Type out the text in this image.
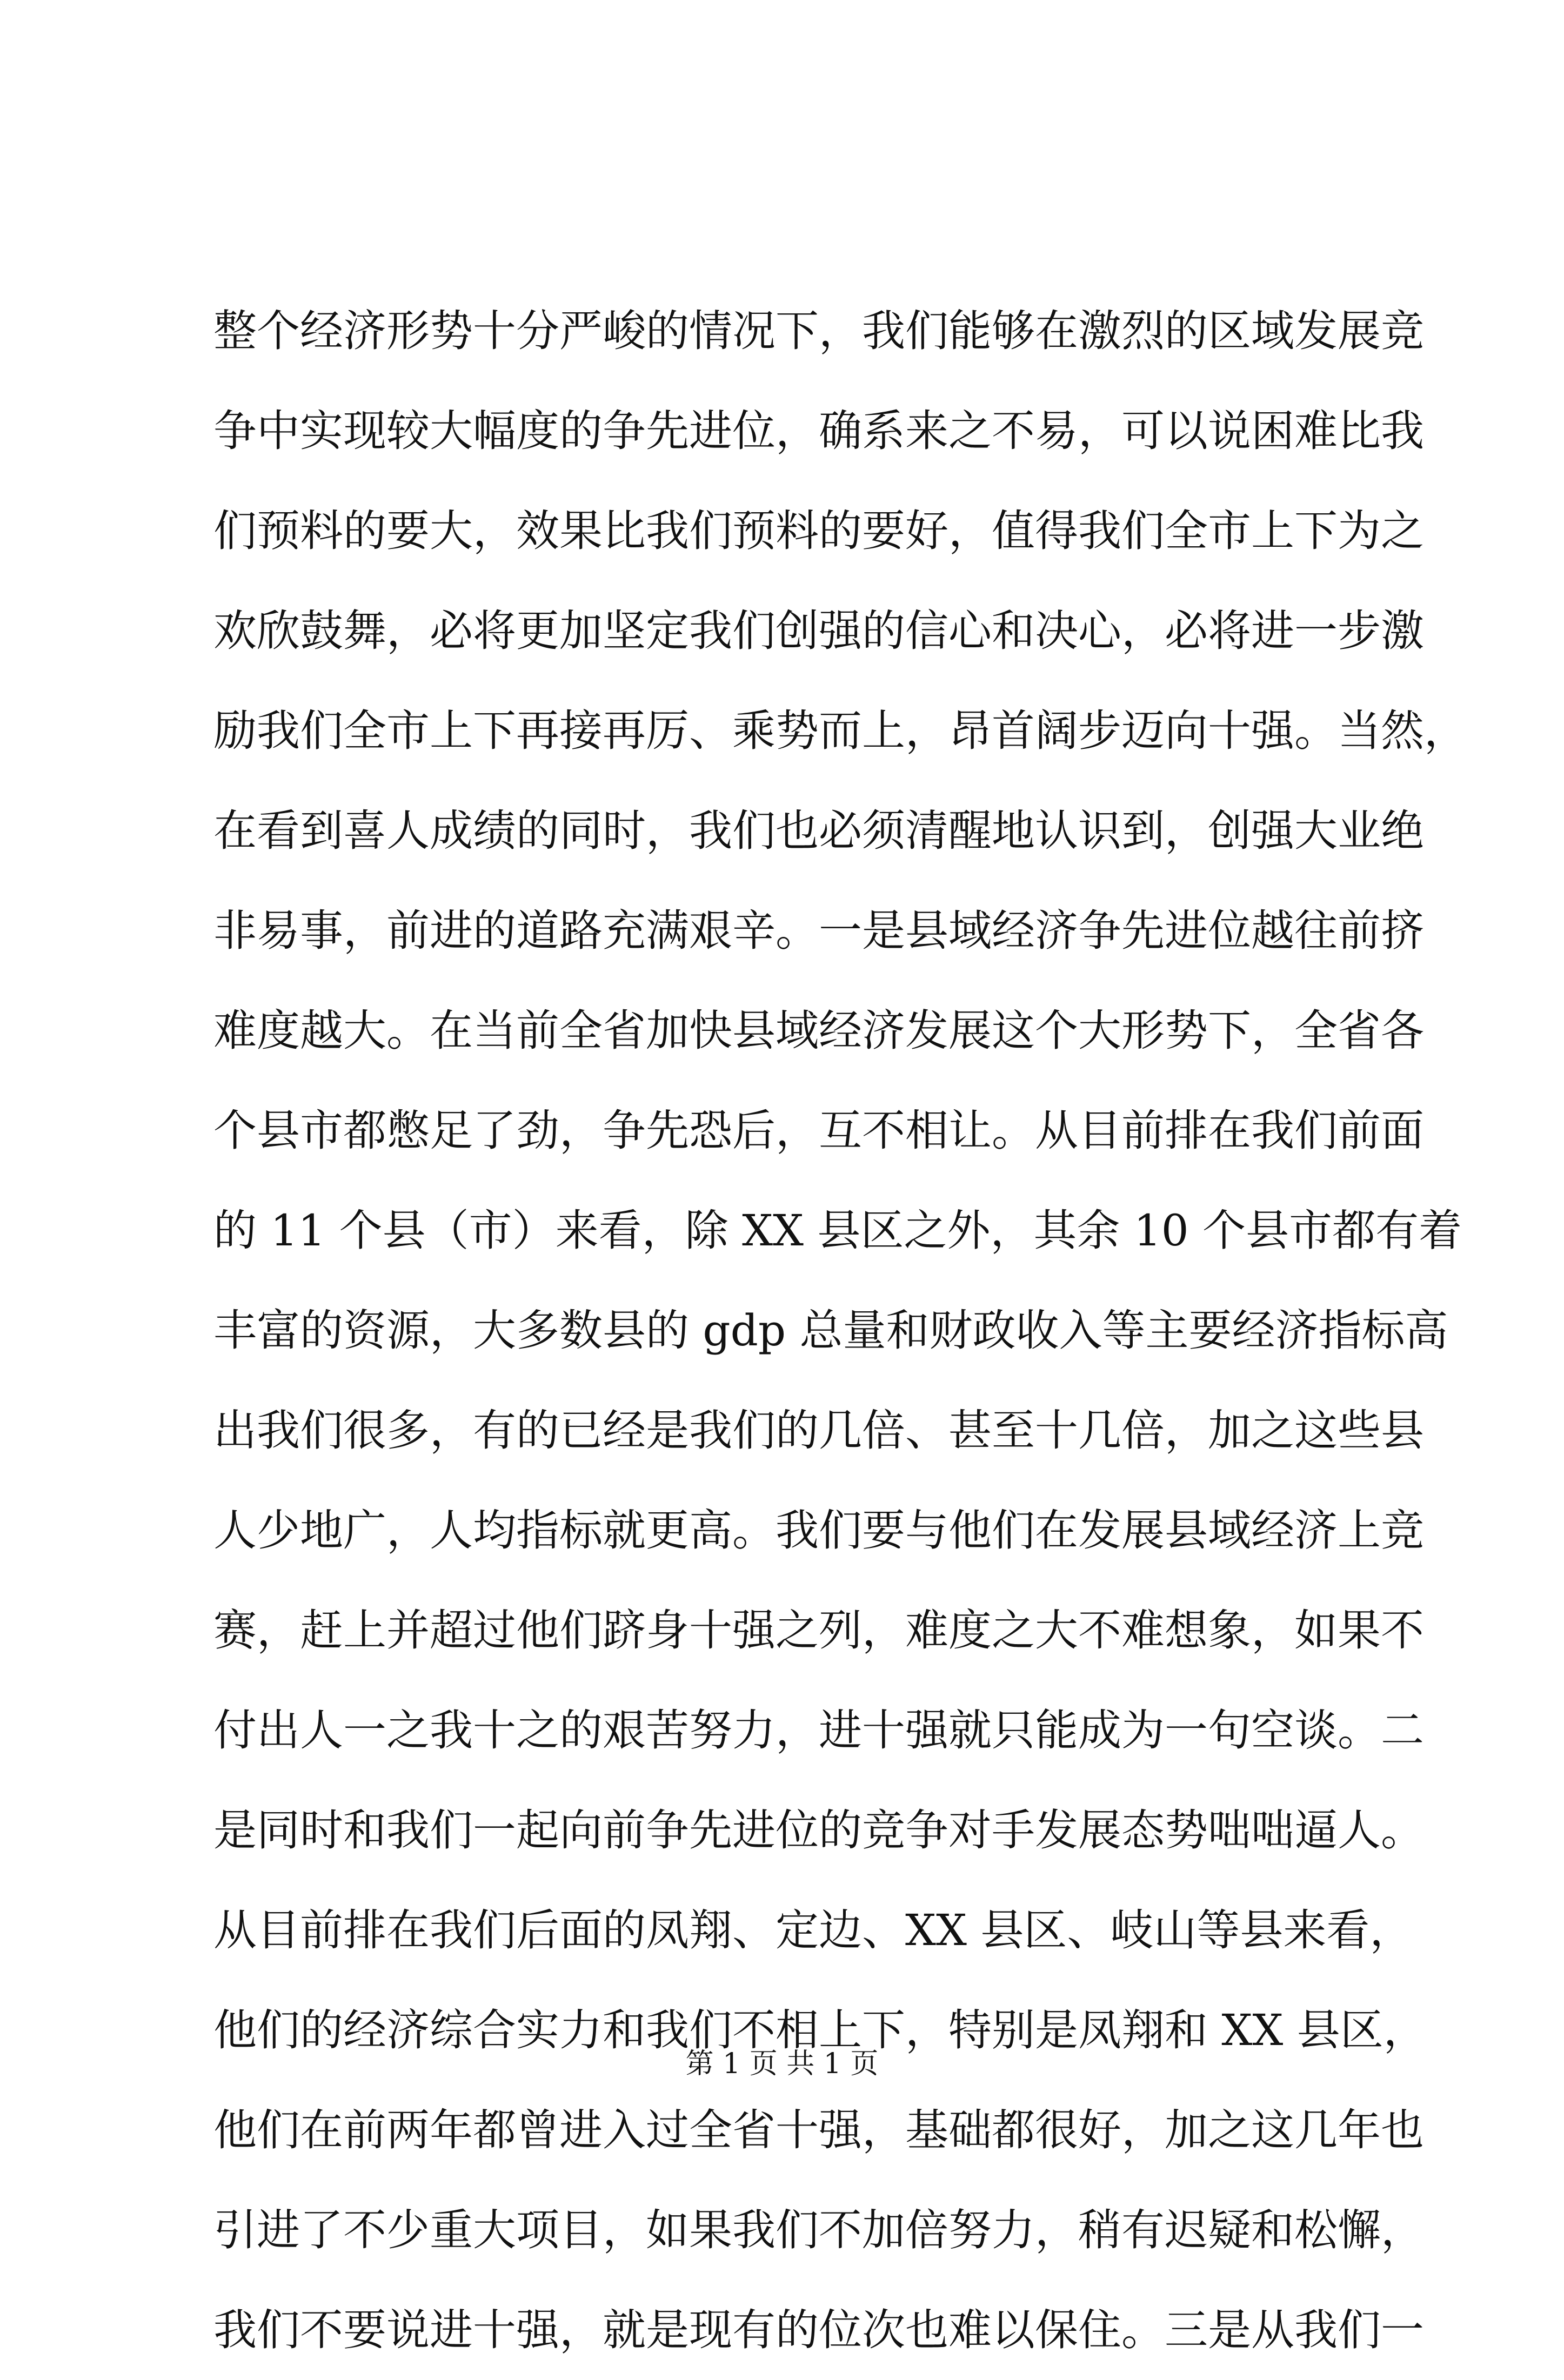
整个经济形势十分严峻的情况下，我们能够在激烈的区域发展竞
争中实现较大幅度的争先进位，确系来之不易，可以说困难比我
们预料的要大，效果比我们预料的要好，值得我们全市上下为之
欢欣鼓舞，必将更加坚定我们创强的信心和决心，必将进一步激
励我们全市上下再接再厉、乘势而上，昂首阔步迈向十强。当然，
在看到喜人成绩的同时，我们也必须清醒地认识到，创强大业绝
非易事，前进的道路充满艰辛。一是县域经济争先进位越往前挤
难度越大。在当前全省加快县域经济发展这个大形势下，全省各
个县市都憋足了劲，争先恐后，互不相让。从目前排在我们前面
的 11 个县（市）来看，除 XX 县区之外，其余 10 个县市都有着
丰富的资源，大多数县的 gdp 总量和财政收入等主要经济指标高
出我们很多，有的已经是我们的几倍、甚至十几倍，加之这些县
人少地广，人均指标就更高。我们要与他们在发展县域经济上竞
赛，赶上并超过他们跻身十强之列，难度之大不难想象，如果不
付出人一之我十之的艰苦努力，进十强就只能成为一句空谈。二
是同时和我们一起向前争先进位的竞争对手发展态势咄咄逼人。
从目前排在我们后面的凤翔、定边、XX 县区、岐山等县来看，
他们的经济综合实力和我们不相上下，特别是凤翔和 XX 县区，
他们在前两年都曾进入过全省十强，基础都很好，加之这几年也
引进了不少重大项目，如果我们不加倍努力，稍有迟疑和松懈，
我们不要说进十强，就是现有的位次也难以保住。三是从我们一
第 1 页 共 1 页
